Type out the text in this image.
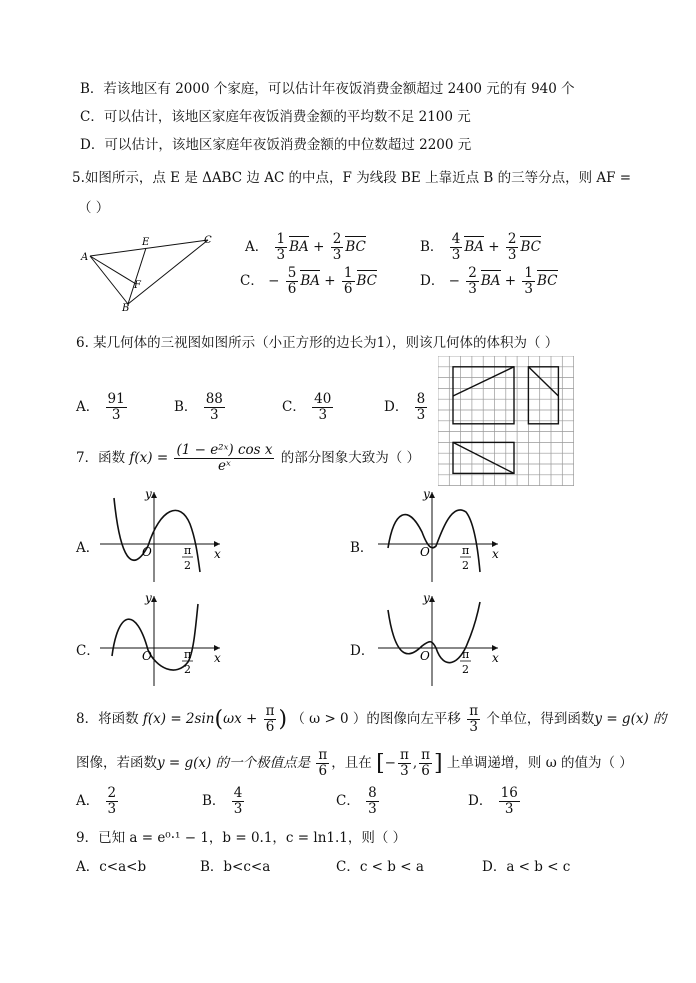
B．若该地区有 2000 个家庭，可以估计年夜饭消费金额超过 2400 元的有 940 个
C．可以估计，该地区家庭年夜饭消费金额的平均数不足 2100 元
D．可以估计，该地区家庭年夜饭消费金额的中位数超过 2200 元
5.如图所示，点 E 是 ΔABC 边 AC 的中点，F 为线段 BE 上靠近点 B 的三等分点，则 AF =
（ ）
A
E	C
F
B
A． $\frac{1}{3}$ BA + $\frac{2}{3}$ BC	B． $\frac{4}{3}$ BA + $\frac{2}{3}$ BC
C． − $\frac{5}{6}$ BA + $\frac{1}{6}$ BC	D． − $\frac{2}{3}$ BA + $\frac{1}{3}$ BC
6. 某几何体的三视图如图所示（小正方形的边长为1），则该几何体的体积为（ ）
A． $\frac{91}{3}$	B． $\frac{88}{3}$	C． $\frac{40}{3}$	D． $\frac{8}{3}$
7．函数 $f(x) = \frac{\text{(1 − e²ˣ) cos x}}{\text{eˣ}}$ 的部分图象大致为（ ）
A．	B．
C．	D．
y
x
O	π
2
y
x
O	π
2
y
x
O	π
2
y
x
O	π
2
8．将函数 $f(x) = 2\sin(\omega x + \frac{\pi}{6}$ ) （ ω > 0 ）的图像向左平移 $\frac{\pi}{3}$ 个单位，得到函数y = g(x) 的
图像，若函数y = g(x) 的一个极值点是 $\frac{\pi}{6}$ ，且在 [− $\frac{\pi}{3}$ , $\frac{\pi}{6}$ ] 上单调递增，则 ω 的值为（ ）
A． $\frac{2}{3}$	B． $\frac{4}{3}$	C． $\frac{8}{3}$	D． $\frac{16}{3}$
9．已知 a = e⁰·¹ − 1，b = 0.1，c = ln1.1，则（ ）
A．c<a<b	B．b<c<a	C．c < b < a	D．a < b < c
